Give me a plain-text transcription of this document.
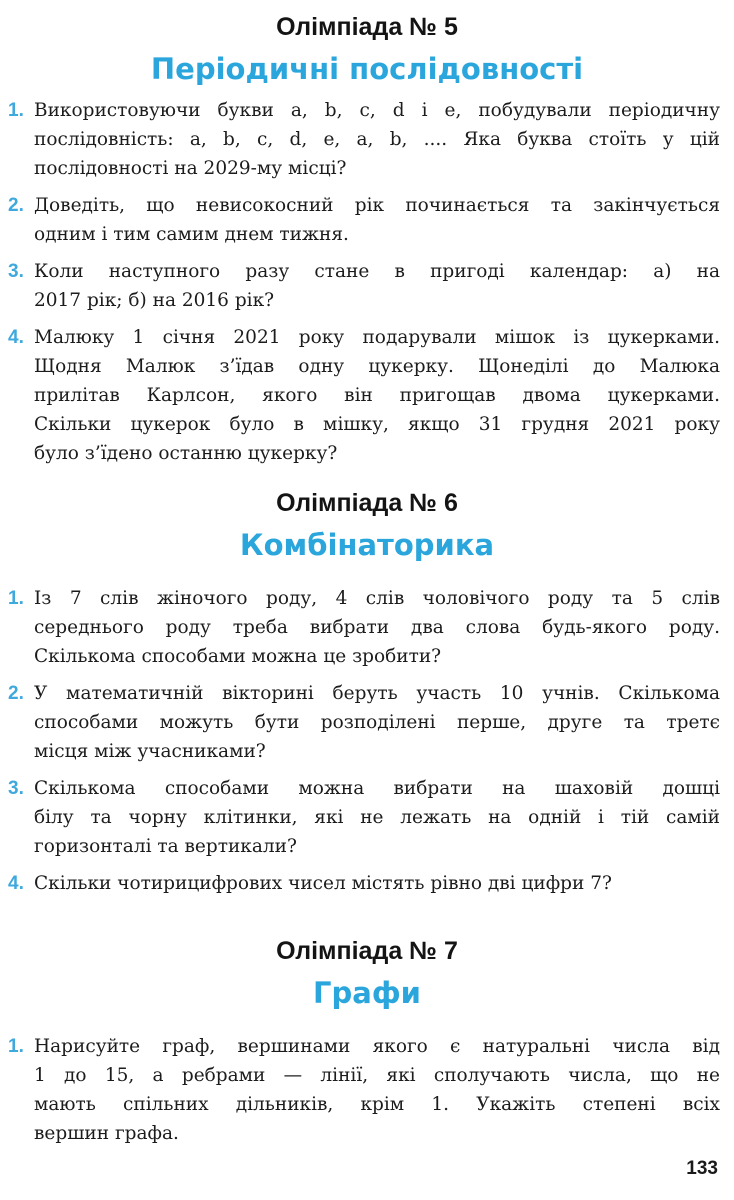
Олімпіада № 5
Періодичні послідовності
1. Використовуючи букви a, b, c, d і e, побудували періодичну
послідовність: a, b, c, d, e, a, b, .... Яка буква стоїть у цій
послідовності на 2029-му місці?
2. Доведіть, що невисокосний рік починається та закінчується
одним і тим самим днем тижня.
3. Коли наступного разу стане в пригоді календар: а) на
2017 рік; б) на 2016 рік?
4. Малюку 1 січня 2021 року подарували мішок із цукерками.
Щодня Малюк з’їдав одну цукерку. Щонеділі до Малюка
прилітав Карлсон, якого він пригощав двома цукерками.
Скільки цукерок було в мішку, якщо 31 грудня 2021 року
було з’їдено останню цукерку?
Олімпіада № 6
Комбінаторика
1. Із 7 слів жіночого роду, 4 слів чоловічого роду та 5 слів
середнього роду треба вибрати два слова будь-якого роду.
Скількома способами можна це зробити?
2. У математичній вікторині беруть участь 10 учнів. Скількома
способами можуть бути розподілені перше, друге та третє
місця між учасниками?
3. Скількома способами можна вибрати на шаховій дошці
білу та чорну клітинки, які не лежать на одній і тій самій
горизонталі та вертикали?
4. Скільки чотирицифрових чисел містять рівно дві цифри 7?
Олімпіада № 7
Графи
1. Нарисуйте граф, вершинами якого є натуральні числа від
1 до 15, а ребрами — лінії, які сполучають числа, що не
мають спільних дільників, крім 1. Укажіть степені всіх
вершин графа.
133
